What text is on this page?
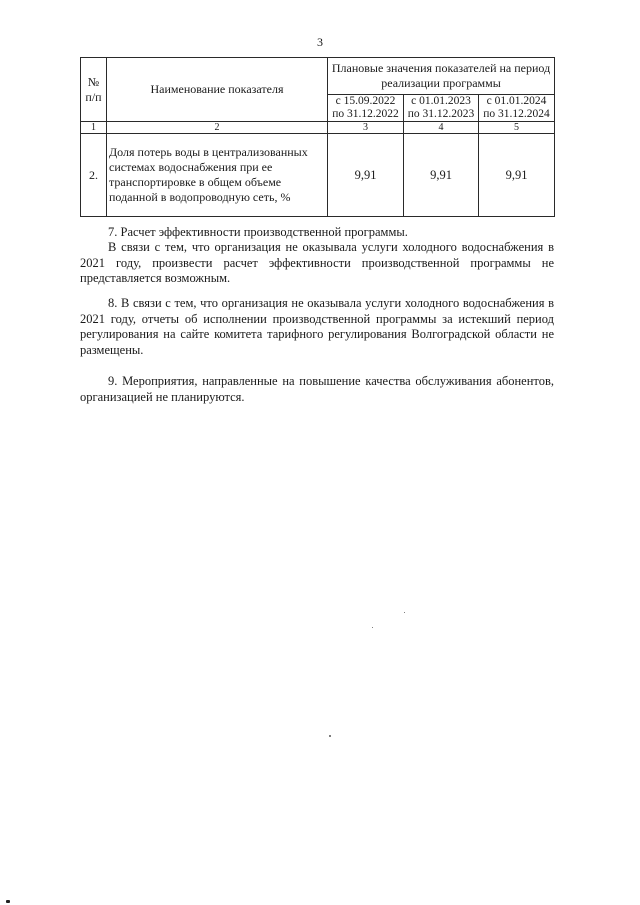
3
№ п/п	Наименование показателя	Плановые значения показателей на период реализации программы		
		с 15.09.2022 по 31.12.2022	с 01.01.2023 по 31.12.2023	с 01.01.2024 по 31.12.2024
1	2	3	4	5
2.	Доля потерь воды в централизованных системах водоснабжения при ее транспортировке в общем объеме поданной в водопроводную сеть, %	9,91	9,91	9,91

7. Расчет эффективности производственной программы.

В связи с тем, что организация не оказывала услуги холодного водоснабжения в 2021 году, произвести расчет эффективности производственной программы не представляется возможным.

8. В связи с тем, что организация не оказывала услуги холодного водоснабжения в 2021 году, отчеты об исполнении производственной программы за истекший период регулирования на сайте комитета тарифного регулирования Волгоградской области не размещены.

9. Мероприятия, направленные на повышение качества обслуживания абонентов, организацией не планируются.
